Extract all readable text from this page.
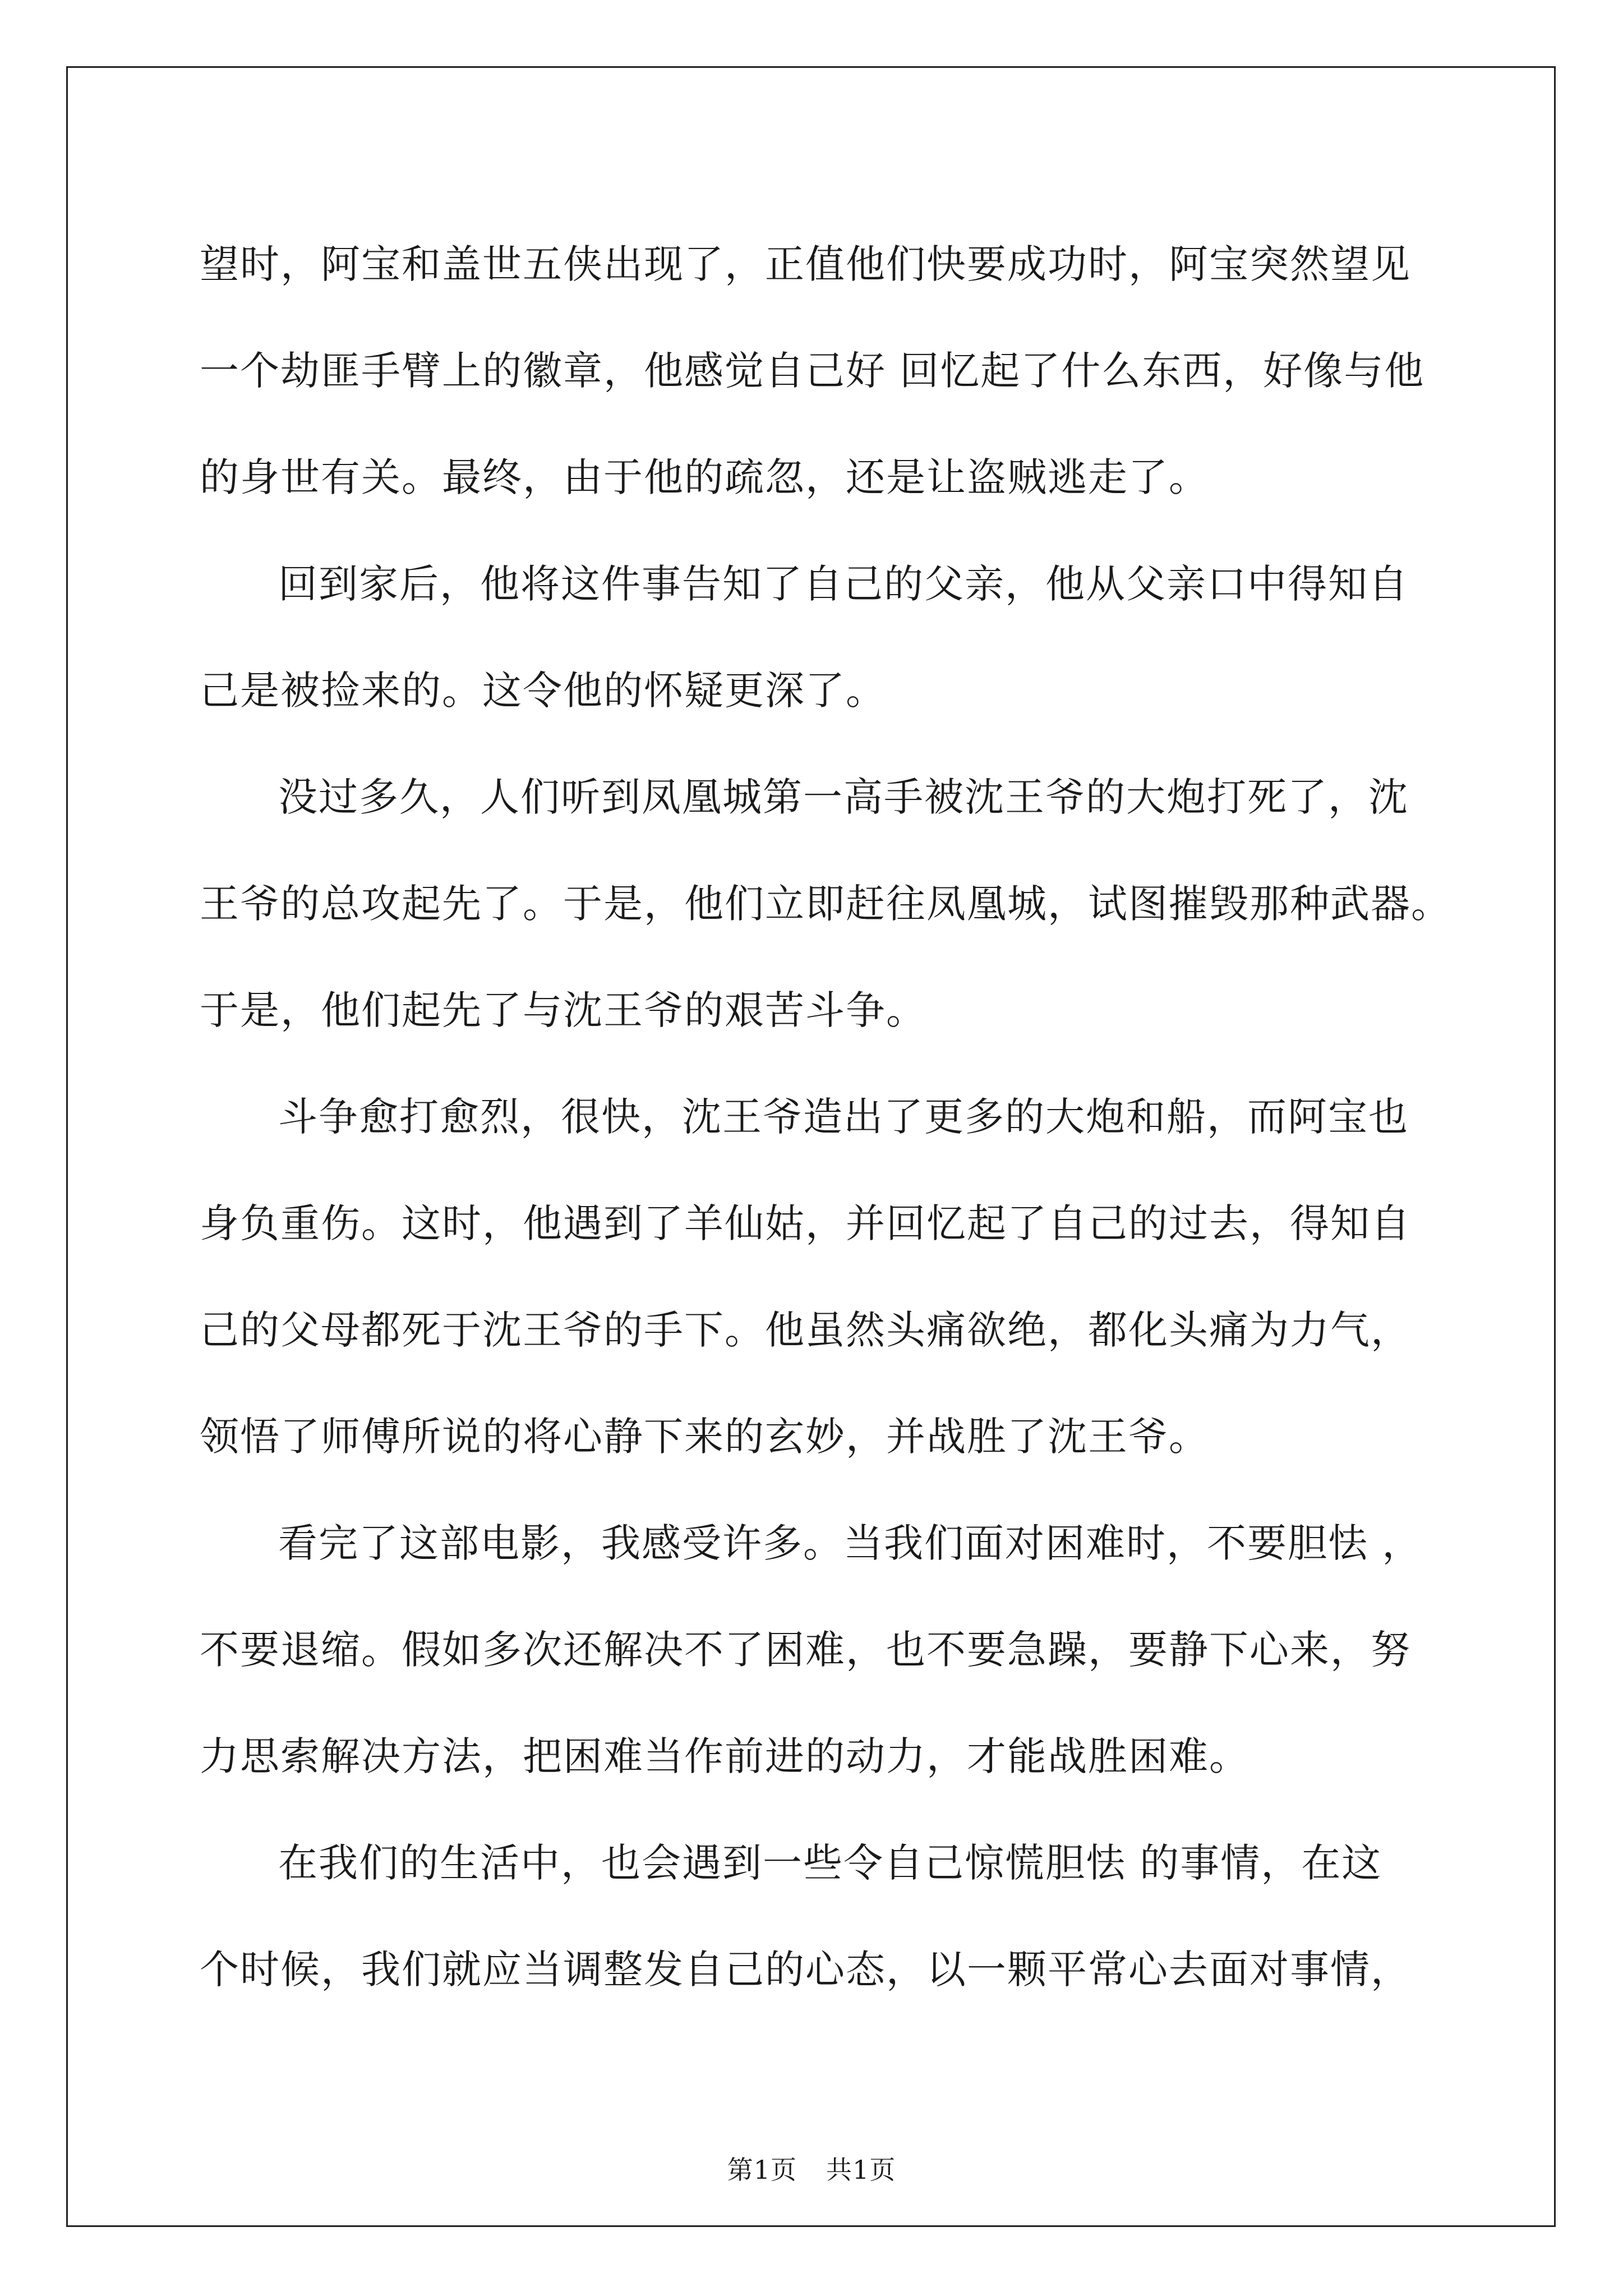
望时，阿宝和盖世五侠出现了，正值他们快要成功时，阿宝突然望见
一个劫匪手臂上的徽章，他感觉自己好 回忆起了什么东西，好像与他
的身世有关。最终，由于他的疏忽，还是让盗贼逃走了。

回到家后，他将这件事告知了自己的父亲，他从父亲口中得知自
己是被捡来的。这令他的怀疑更深了。

没过多久，人们听到凤凰城第一高手被沈王爷的大炮打死了，沈
王爷的总攻起先了。于是，他们立即赶往凤凰城，试图摧毁那种武器。
于是，他们起先了与沈王爷的艰苦斗争。

斗争愈打愈烈，很快，沈王爷造出了更多的大炮和船，而阿宝也
身负重伤。这时，他遇到了羊仙姑，并回忆起了自己的过去，得知自
己的父母都死于沈王爷的手下。他虽然头痛欲绝，都化头痛为力气，
领悟了师傅所说的将心静下来的玄妙，并战胜了沈王爷。

看完了这部电影，我感受许多。当我们面对困难时，不要胆怯 ，
不要退缩。假如多次还解决不了困难，也不要急躁，要静下心来，努
力思索解决方法，把困难当作前进的动力，才能战胜困难。

在我们的生活中，也会遇到一些令自己惊慌胆怯 的事情，在这
个时候，我们就应当调整发自己的心态，以一颗平常心去面对事情，

第1页 共1页
